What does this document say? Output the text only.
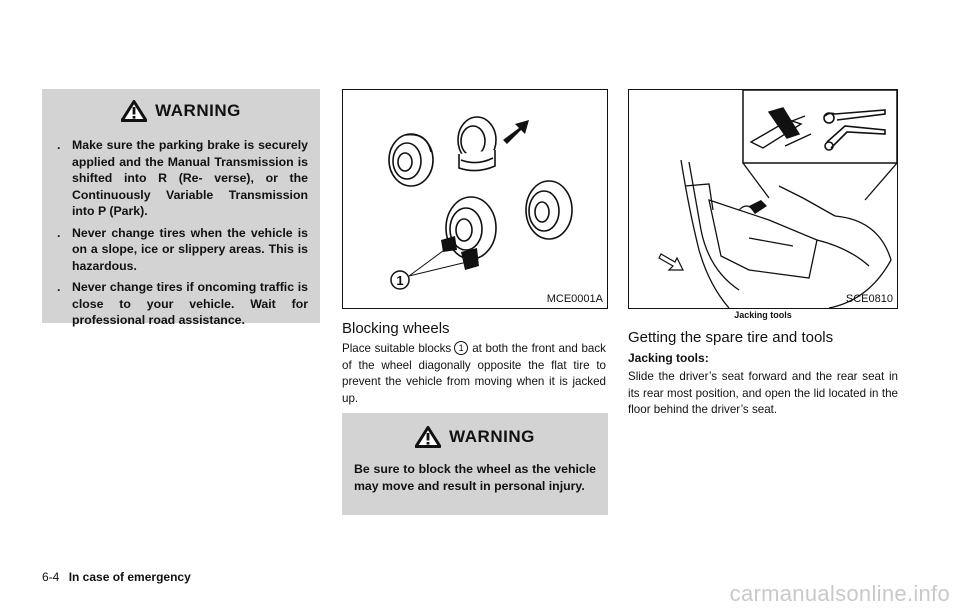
WARNING
. Make sure the parking brake is securely applied and the Manual Transmission is shifted into R (Re- verse), or the Continuously Variable Transmission into P (Park).
. Never change tires when the vehicle is on a slope, ice or slippery areas. This is hazardous.
. Never change tires if oncoming traffic is close to your vehicle. Wait for professional road assistance.
1
MCE0001A
Blocking wheels
Place suitable blocks 1 at both the front and back of the wheel diagonally opposite the flat tire to prevent the vehicle from moving when it is jacked up.
WARNING
Be sure to block the wheel as the vehicle may move and result in personal injury.
SCE0810
Jacking tools
Getting the spare tire and tools
Jacking tools:
Slide the driver’s seat forward and the rear seat in its rear most position, and open the lid located in the floor behind the driver’s seat.
6-4 In case of emergency
carmanualsonline.info
